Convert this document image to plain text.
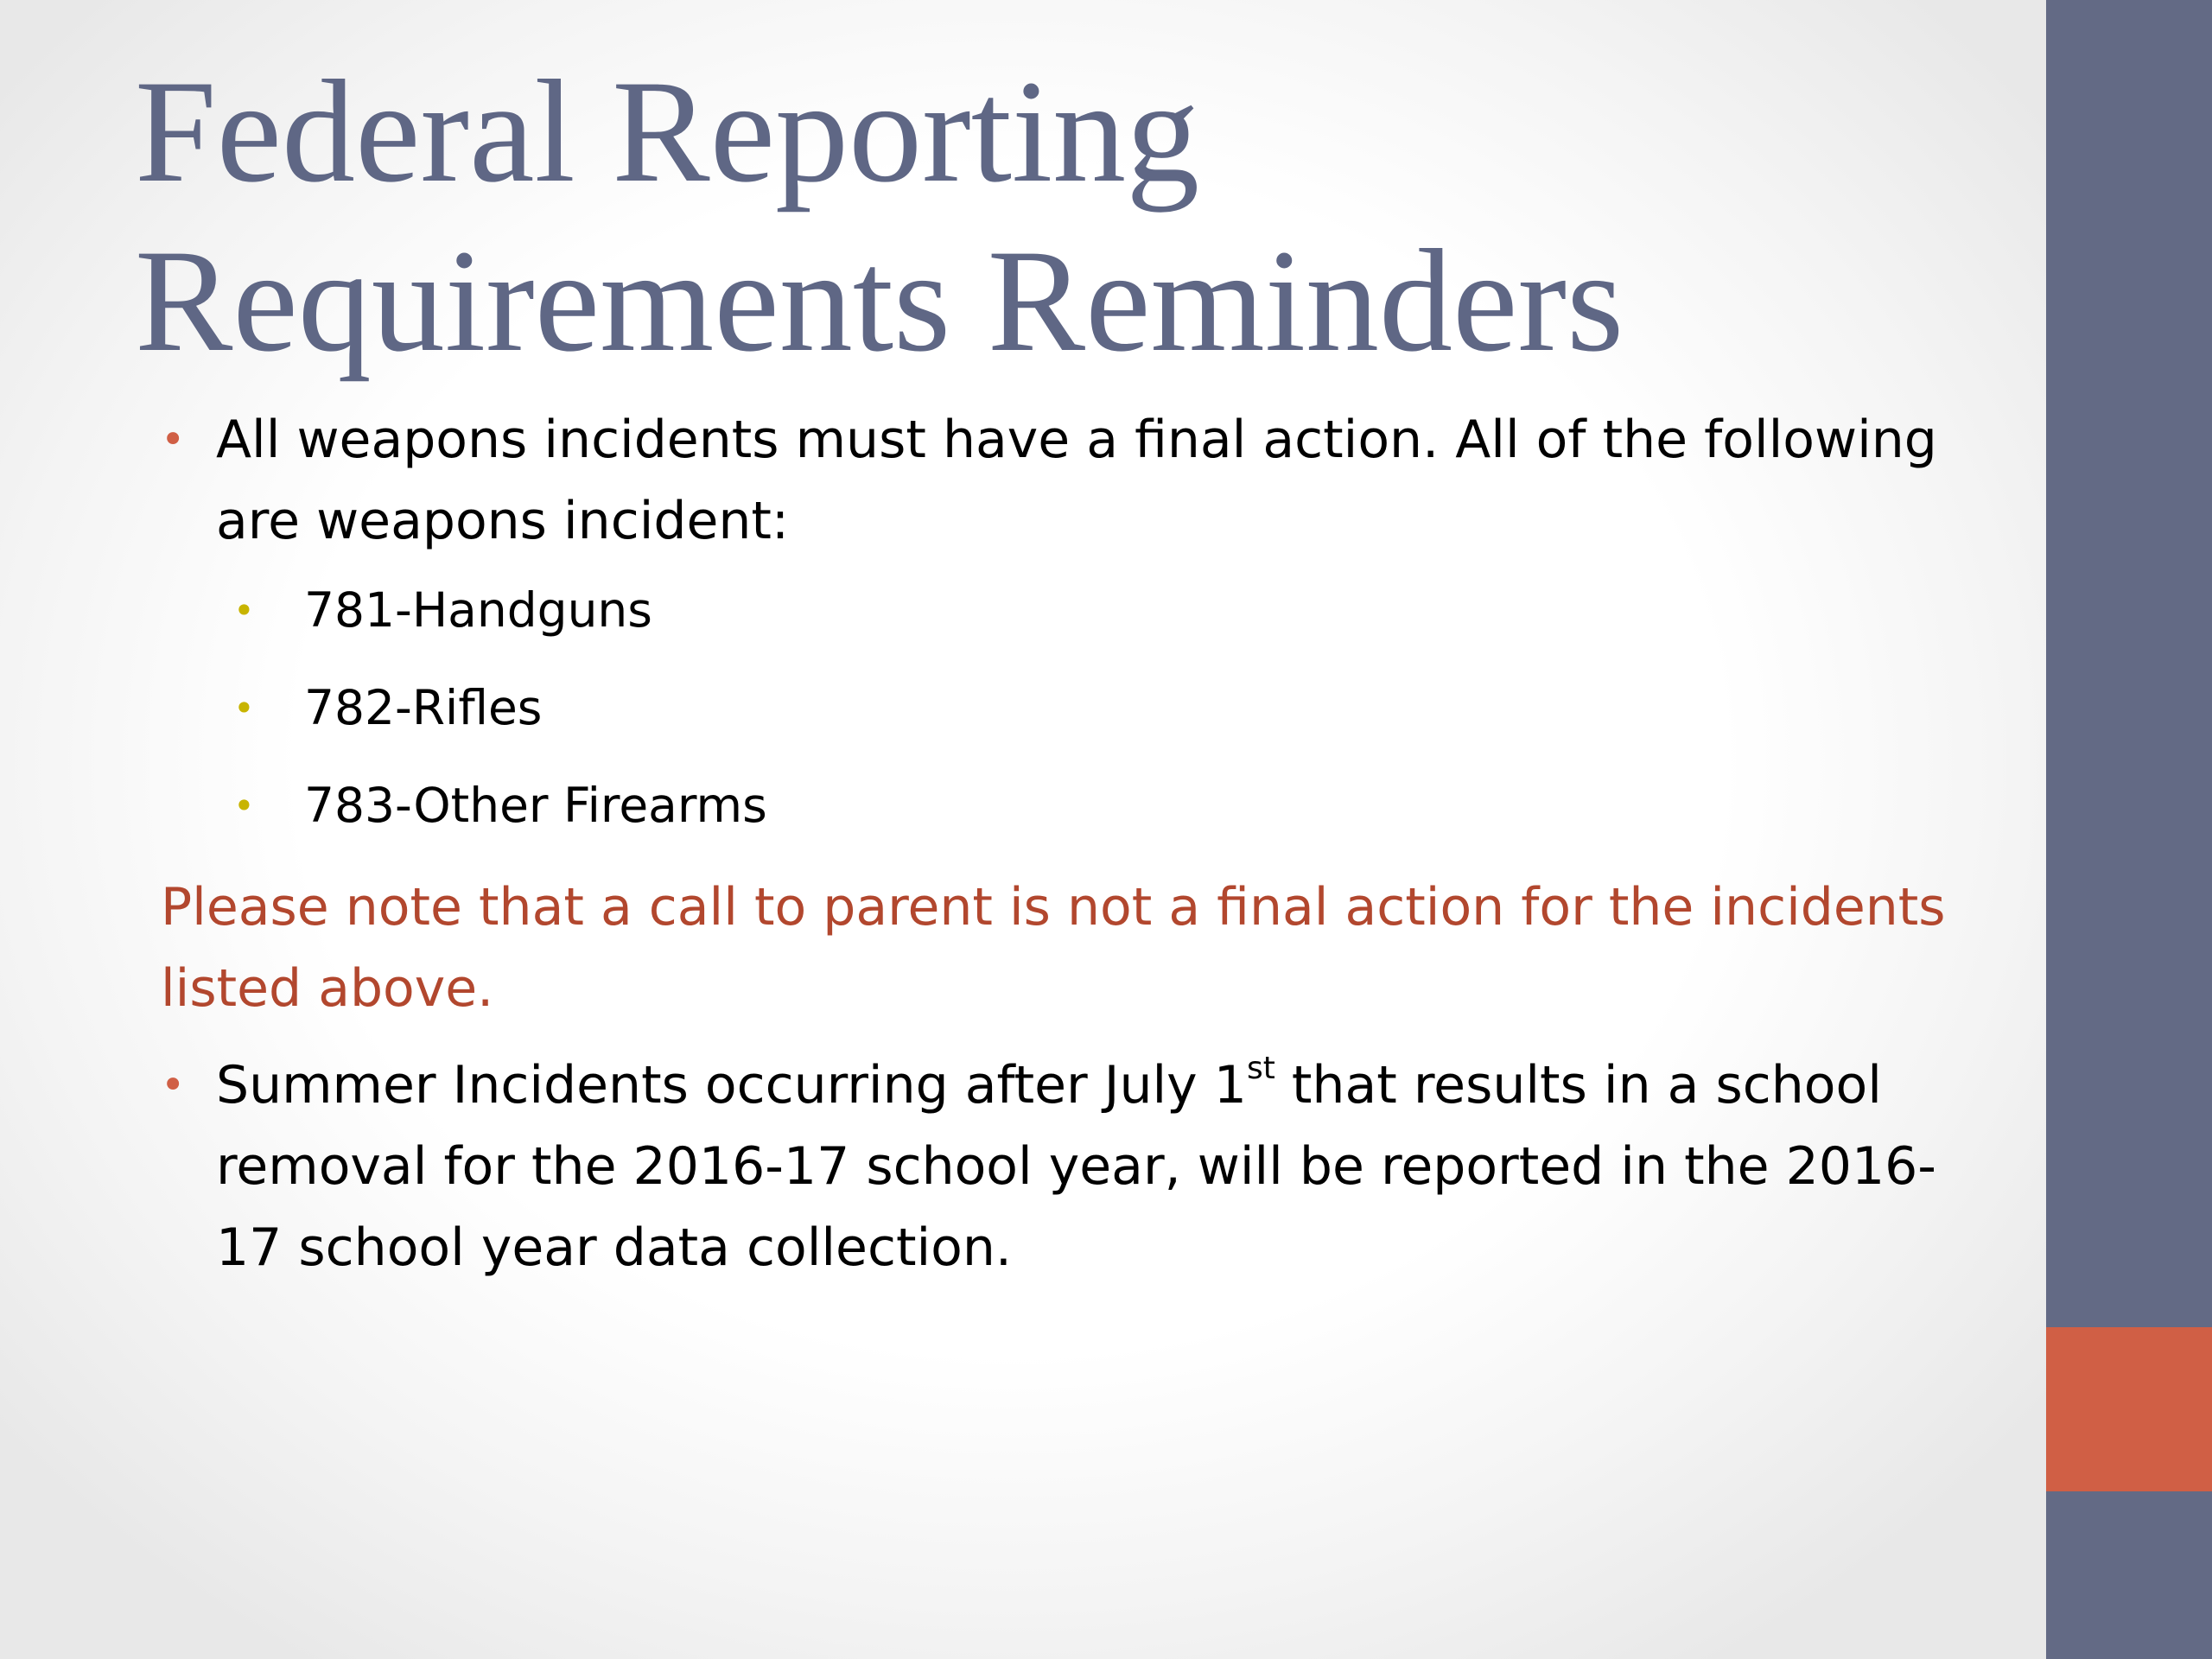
Federal Reporting Requirements Reminders

• All weapons incidents must have a final action. All of the following are weapons incident:

• 781-Handguns
• 782-Rifles
• 783-Other Firearms

Please note that a call to parent is not a final action for the incidents listed above.

• Summer Incidents occurring after July 1st that results in a school removal for the 2016-17 school year, will be reported in the 2016-17 school year data collection.
